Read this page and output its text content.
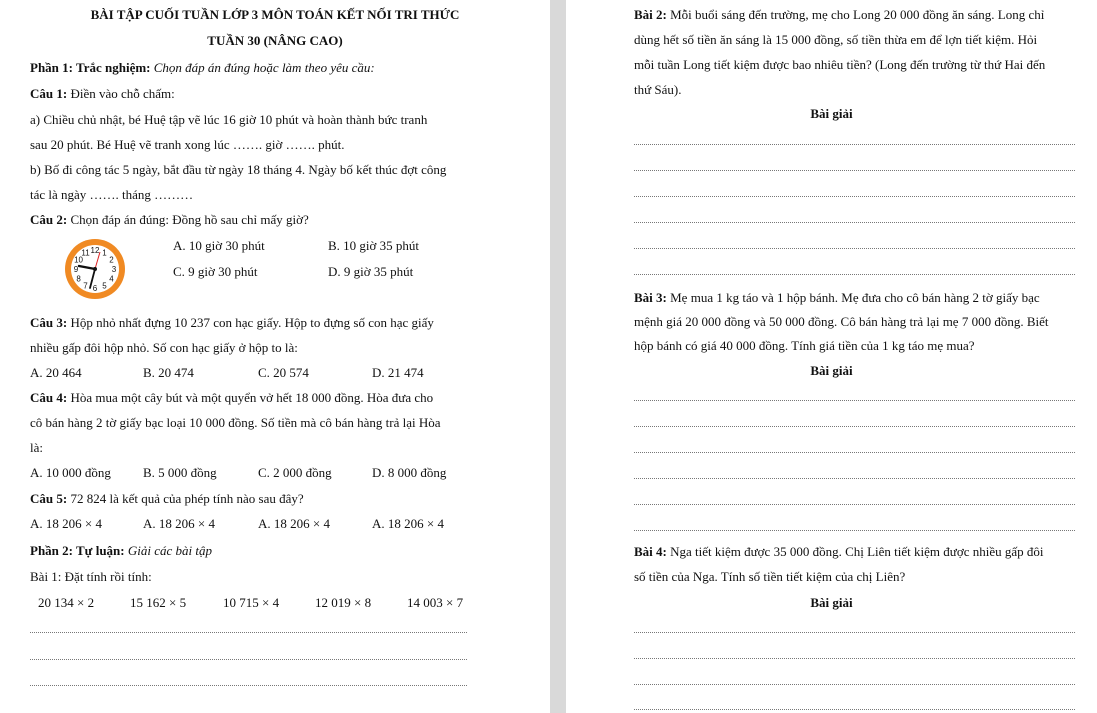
BÀI TẬP CUỐI TUẦN LỚP 3 MÔN TOÁN KẾT NỐI TRI THỨC
TUẦN 30 (NÂNG CAO)
Phần 1: Trắc nghiệm: Chọn đáp án đúng hoặc làm theo yêu cầu:
Câu 1: Điền vào chỗ chấm:
a) Chiều chủ nhật, bé Huệ tập vẽ lúc 16 giờ 10 phút và hoàn thành bức tranh
sau 20 phút. Bé Huệ vẽ tranh xong lúc ……. giờ ……. phút.
b) Bố đi công tác 5 ngày, bắt đầu từ ngày 18 tháng 4. Ngày bố kết thúc đợt công
tác là ngày ……. tháng ………
Câu 2: Chọn đáp án đúng: Đồng hồ sau chỉ mấy giờ?
12 1
2
3
4
5
6
7
8
9
10
11
A. 10 giờ 30 phút	B. 10 giờ 35 phút
C. 9 giờ 30 phút	D. 9 giờ 35 phút
Câu 3: Hộp nhỏ nhất đựng 10 237 con hạc giấy. Hộp to đựng số con hạc giấy
nhiều gấp đôi hộp nhỏ. Số con hạc giấy ở hộp to là:
A. 20 464	B. 20 474	C. 20 574	D. 21 474
Câu 4: Hòa mua một cây bút và một quyển vở hết 18 000 đồng. Hòa đưa cho
cô bán hàng 2 tờ giấy bạc loại 10 000 đồng. Số tiền mà cô bán hàng trả lại Hòa
là:
A. 10 000 đồng B. 5 000 đồng	C. 2 000 đồng	D. 8 000 đồng
Câu 5: 72 824 là kết quả của phép tính nào sau đây?
A. 18 206 × 4	A. 18 206 × 4	A. 18 206 × 4	A. 18 206 × 4
Phần 2: Tự luận: Giải các bài tập
Bài 1: Đặt tính rồi tính:
20 134 × 2	15 162 × 5	10 715 × 4	12 019 × 8	14 003 × 7
Bài 2: Mỗi buổi sáng đến trường, mẹ cho Long 20 000 đồng ăn sáng. Long chỉ
dùng hết số tiền ăn sáng là 15 000 đồng, số tiền thừa em để lợn tiết kiệm. Hỏi
mỗi tuần Long tiết kiệm được bao nhiêu tiền? (Long đến trường từ thứ Hai đến
thứ Sáu).
Bài giải
Bài 3: Mẹ mua 1 kg táo và 1 hộp bánh. Mẹ đưa cho cô bán hàng 2 tờ giấy bạc
mệnh giá 20 000 đồng và 50 000 đồng. Cô bán hàng trả lại mẹ 7 000 đồng. Biết
hộp bánh có giá 40 000 đồng. Tính giá tiền của 1 kg táo mẹ mua?
Bài giải
Bài 4: Nga tiết kiệm được 35 000 đồng. Chị Liên tiết kiệm được nhiều gấp đôi
số tiền của Nga. Tính số tiền tiết kiệm của chị Liên?
Bài giải
